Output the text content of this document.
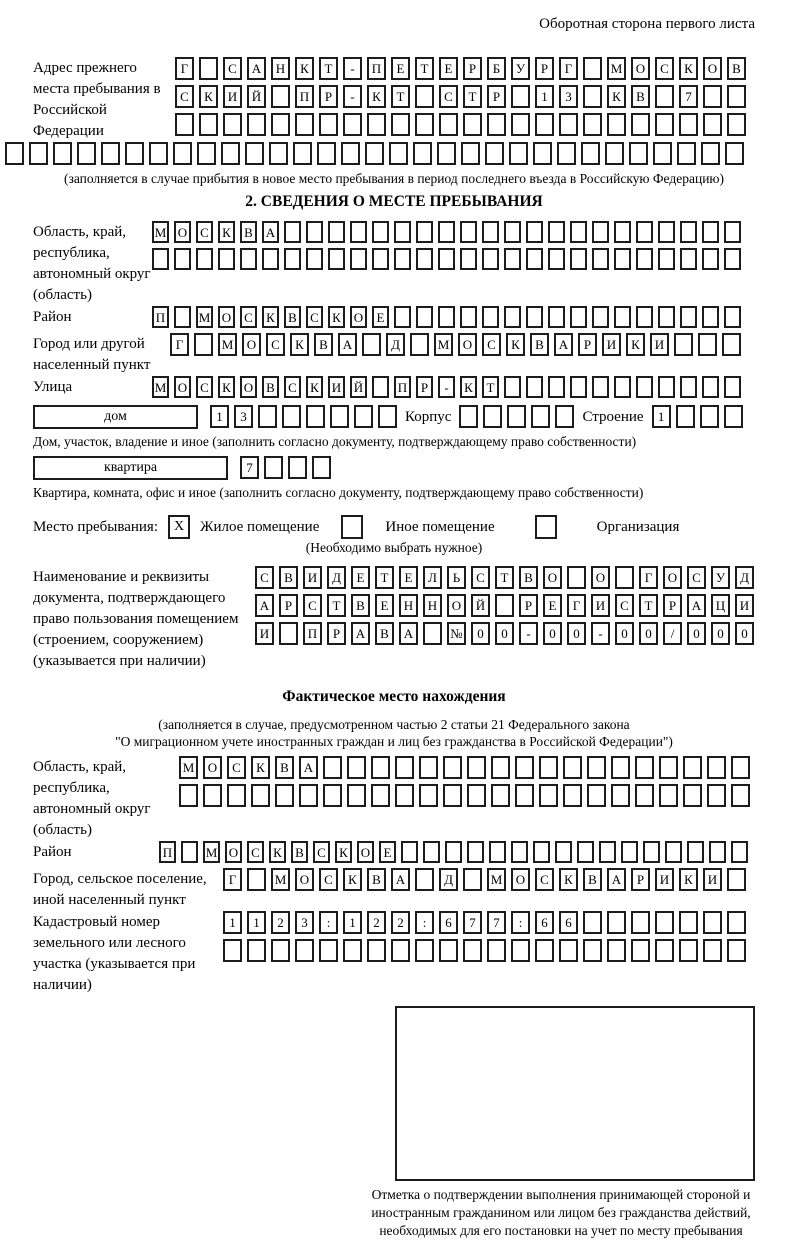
Оборотная сторона первого листа
Адрес прежнего места пребывания в Российской Федерации
Г	С	А	Н	К	Т	-	П	Е	Т	Е	Р	Б	У	Р	Г	М	О	С	К	О	В
С	К	И	Й	П	Р	-	К	Т	С	Т	Р	1	3	К	В	7
(заполняется в случае прибытия в новое место пребывания в период последнего въезда в Российскую Федерацию)
2. СВЕДЕНИЯ О МЕСТЕ ПРЕБЫВАНИЯ
Область, край, республика, автономный округ (область)
М О С	К	В А
Район	П	М О С	К	В	С	К О	Е
Город или другой населенный пункт
Г	М	О	С	К	В	А	Д	М	О	С	К	В	А	Р	И	К	И
Улица	М О С	К О В	С	К И Й	П	Р	-	К	Т
дом	1	3	Корпус	Строение	1
Дом, участок, владение и иное (заполнить согласно документу, подтверждающему право собственности)
квартира	7
Квартира, комната, офис и иное (заполнить согласно документу, подтверждающему право собственности)
Место пребывания:	X	Жилое помещение	Иное помещение	Организация
(Необходимо выбрать нужное)
Наименование и реквизиты документа, подтверждающего право пользования помещением (строением, сооружением) (указывается при наличии)
С	В	И	Д	Е	Т	Е	Л	Ь	С	Т	В	О	О	Г	О	С	У	Д
А	Р	С	Т	В	Е	Н	Н	О	Й	Р	Е	Г	И	С	Т	Р	А	Ц	И
И	П	Р	А	В	А	№	0	0	-	0	0	-	0	0	/	0	0	0
Фактическое место нахождения
(заполняется в случае, предусмотренном частью 2 статьи 21 Федерального закона
"О миграционном учете иностранных граждан и лиц без гражданства в Российской Федерации")
Область, край, республика, автономный округ (область)
М	О	С	К	В	А
Район	П	М О С	К	В	С	К О	Е
Город, сельское поселение, иной населенный пункт
Г	М	О	С	К	В	А	Д	М	О	С	К	В	А	Р	И	К	И
Кадастровый номер земельного или лесного участка (указывается при наличии)
1	1	2	3	:	1	2	2	:	6	7	7	:	6	6
Отметка о подтверждении выполнения принимающей стороной и иностранным гражданином или лицом без гражданства действий, необходимых для его постановки на учет по месту пребывания
